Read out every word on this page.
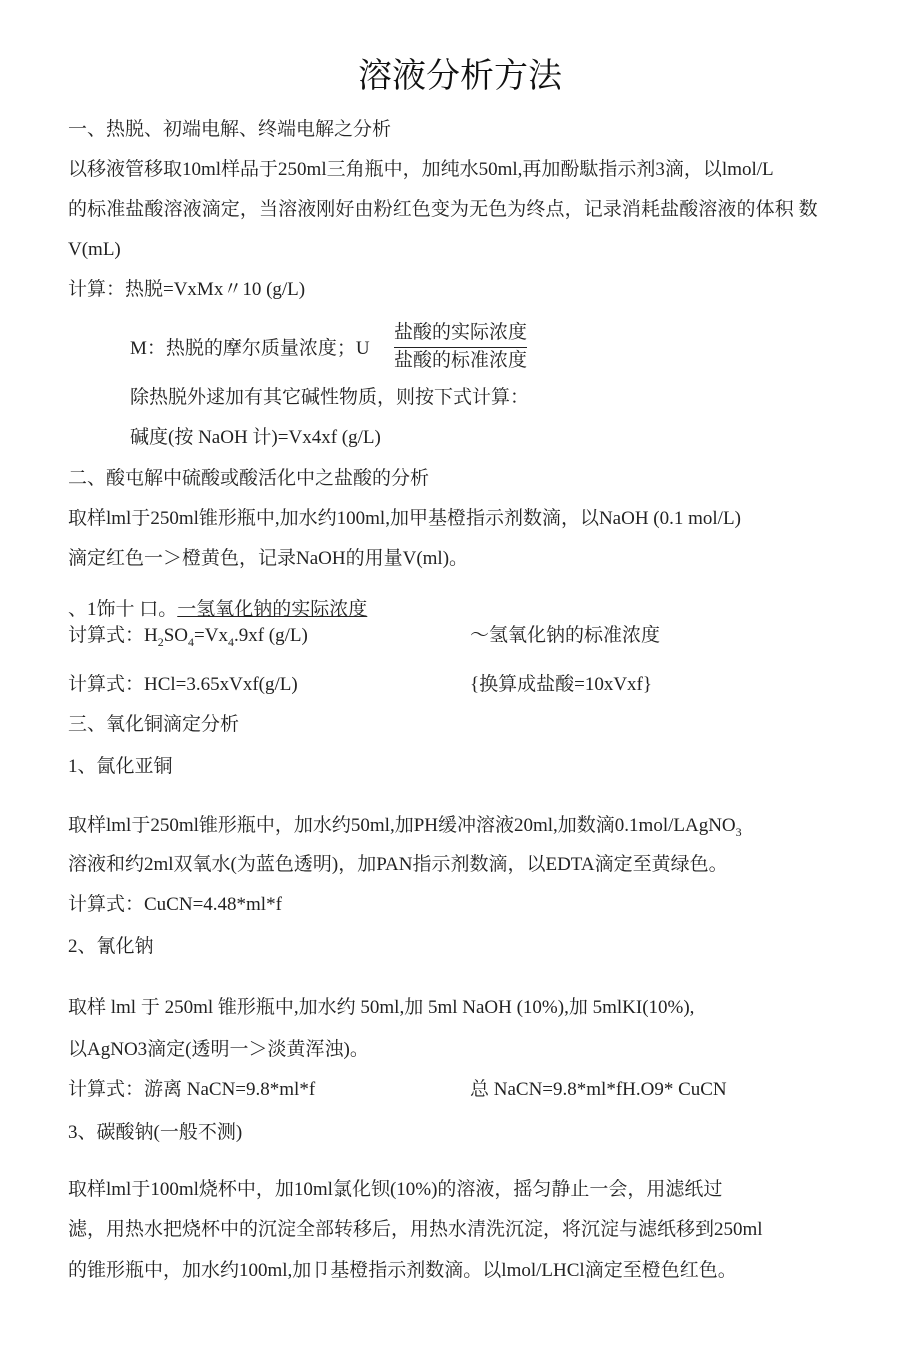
溶液分析方法
一、热脱、初端电解、终端电解之分析
以移液管移取10ml样品于250ml三角瓶中，加纯水50ml,再加酚駄指示剂3滴，以lmol/L
的标准盐酸溶液滴定，当溶液刚好由粉红色变为无色为终点，记录消耗盐酸溶液的体积 数
V(mL)
计算：热脱=VxMx〃10 (g/L)
M：热脱的摩尔质量浓度；U
盐酸的实际浓度
盐酸的标准浓度
除热脱外逑加有其它碱性物质，则按下式计算：
碱度(按 NaOH 计)=Vx4xf (g/L)
二、酸屯解中硫酸或酸活化中之盐酸的分析
取样lml于250ml锥形瓶中,加水约100ml,加甲基橙指示剂数滴，以NaOH (0.1 mol/L)
滴定红色一＞橙黄色，记录NaOH的用量V(ml)。
、1饰十 口。一氢氧化钠的实际浓度
讨算式：$H_2SO_4=Vx_4.9xf$ (g/L)	～氢氧化钠的标准浓度
计算式：HCl=3.65xVxf(g/L)	{换算成盐酸=10xVxf}
三、氧化铜滴定分析
1、氤化亚铜
取样lml于250ml锥形瓶中，加水约50ml,加PH缓冲溶液20ml,加数滴0.1mol/LAgNO$_3$
溶液和约2ml双氧水(为蓝色透明)，加PAN指示剂数滴，以EDTA滴定至黄绿色。
计算式：CuCN=4.48*ml*f
2、氰化钠
取样 lml 于 250ml 锥形瓶中,加水约 50ml,加 5ml NaOH (10%),加 5mlKI(10%),
以AgNO3滴定(透明一＞淡黄浑浊)。
计算式：游离 NaCN=9.8*ml*f	总 NaCN=9.8*ml*fH.O9* CuCN
3、碳酸钠(一般不测)
取样lml于100ml烧杯中，加10ml氯化钡(10%)的溶液，摇匀静止一会，用滤纸过
滤，用热水把烧杯中的沉淀全部转移后，用热水清洗沉淀，将沉淀与滤纸移到250ml
的锥形瓶中，加水约100ml,加卩基橙指示剂数滴。以lmol/LHCl滴定至橙色红色。
